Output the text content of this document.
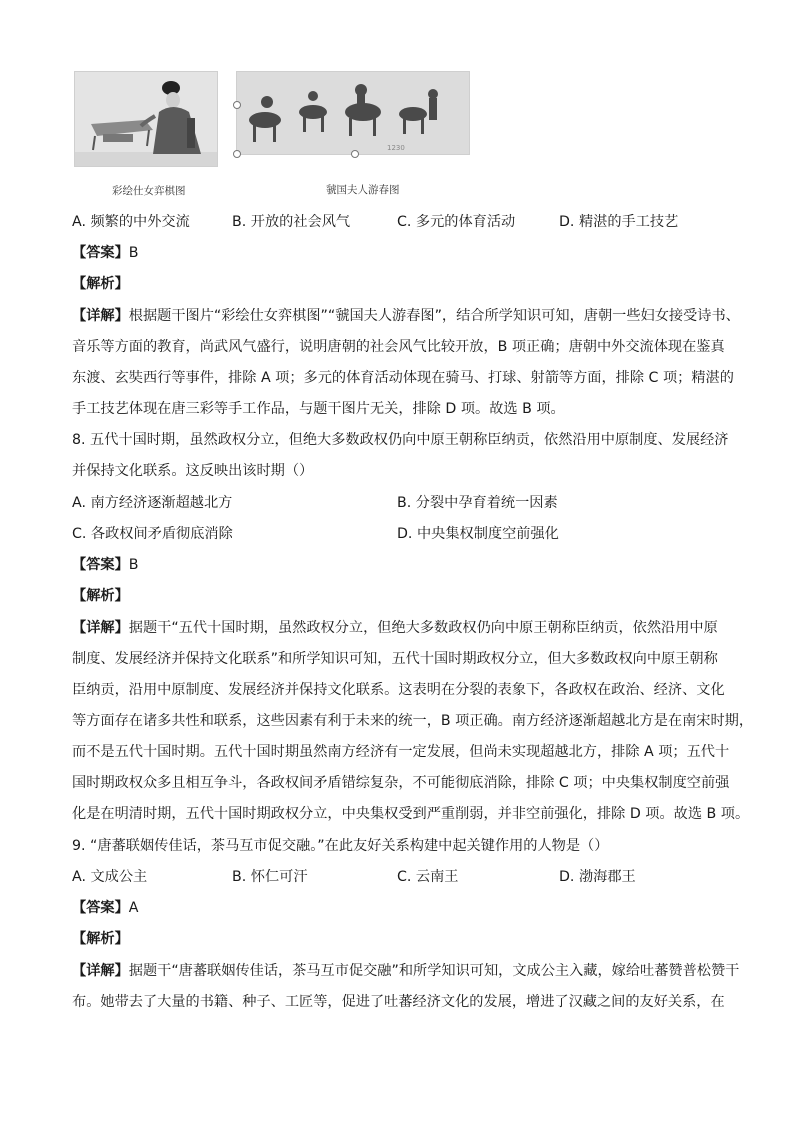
彩绘仕女弈棋图
1230
虢国夫人游春图
A. 频繁的中外交流	B. 开放的社会风气	C. 多元的体育活动	D. 精湛的手工技艺
【答案】B
【解析】
【详解】根据题干图片“彩绘仕女弈棋图”“虢国夫人游春图”，结合所学知识可知，唐朝一些妇女接受诗书、
音乐等方面的教育，尚武风气盛行，说明唐朝的社会风气比较开放，B 项正确；唐朝中外交流体现在鉴真
东渡、玄奘西行等事件，排除 A 项；多元的体育活动体现在骑马、打球、射箭等方面，排除 C 项；精湛的
手工技艺体现在唐三彩等手工作品，与题干图片无关，排除 D 项。故选 B 项。
8. 五代十国时期，虽然政权分立，但绝大多数政权仍向中原王朝称臣纳贡，依然沿用中原制度、发展经济
并保持文化联系。这反映出该时期（）
A. 南方经济逐渐超越北方	B. 分裂中孕育着统一因素
C. 各政权间矛盾彻底消除	D. 中央集权制度空前强化
【答案】B
【解析】
【详解】据题干“五代十国时期，虽然政权分立，但绝大多数政权仍向中原王朝称臣纳贡，依然沿用中原
制度、发展经济并保持文化联系”和所学知识可知，五代十国时期政权分立，但大多数政权向中原王朝称
臣纳贡，沿用中原制度、发展经济并保持文化联系。这表明在分裂的表象下，各政权在政治、经济、文化
等方面存在诸多共性和联系，这些因素有利于未来的统一，B 项正确。南方经济逐渐超越北方是在南宋时期，
而不是五代十国时期。五代十国时期虽然南方经济有一定发展，但尚未实现超越北方，排除 A 项；五代十
国时期政权众多且相互争斗，各政权间矛盾错综复杂，不可能彻底消除，排除 C 项；中央集权制度空前强
化是在明清时期，五代十国时期政权分立，中央集权受到严重削弱，并非空前强化，排除 D 项。故选 B 项。
9. “唐蕃联姻传佳话，茶马互市促交融。”在此友好关系构建中起关键作用的人物是（）
A. 文成公主	B. 怀仁可汗	C. 云南王	D. 渤海郡王
【答案】A
【解析】
【详解】据题干“唐蕃联姻传佳话，茶马互市促交融”和所学知识可知，文成公主入藏，嫁给吐蕃赞普松赞干
布。她带去了大量的书籍、种子、工匠等，促进了吐蕃经济文化的发展，增进了汉藏之间的友好关系，在
